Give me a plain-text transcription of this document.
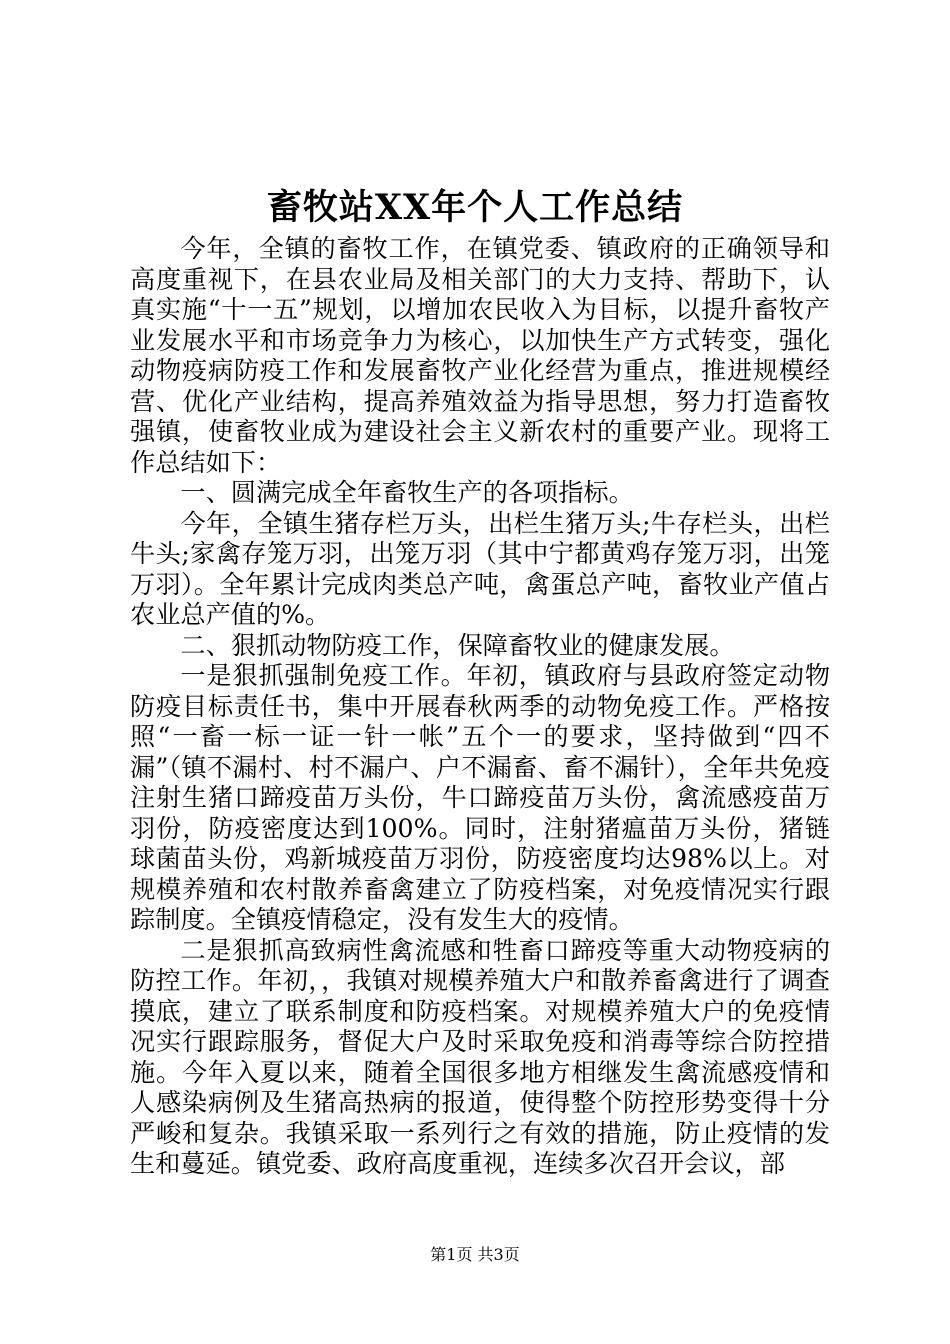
畜牧站XX年个人工作总结

今年，全镇的畜牧工作，在镇党委、镇政府的正确领导和高度重视下，在县农业局及相关部门的大力支持、帮助下，认真实施“十一五”规划，以增加农民收入为目标，以提升畜牧产业发展水平和市场竞争力为核心，以加快生产方式转变，强化动物疫病防疫工作和发展畜牧产业化经营为重点，推进规模经营、优化产业结构，提高养殖效益为指导思想，努力打造畜牧强镇，使畜牧业成为建设社会主义新农村的重要产业。现将工作总结如下：

一、圆满完成全年畜牧生产的各项指标。

今年，全镇生猪存栏万头，出栏生猪万头;牛存栏头，出栏牛头;家禽存笼万羽，出笼万羽（其中宁都黄鸡存笼万羽，出笼万羽）。全年累计完成肉类总产吨，禽蛋总产吨，畜牧业产值占农业总产值的%。

二、狠抓动物防疫工作，保障畜牧业的健康发展。

一是狠抓强制免疫工作。年初，镇政府与县政府签定动物防疫目标责任书，集中开展春秋两季的动物免疫工作。严格按照“一畜一标一证一针一帐”五个一的要求，坚持做到“四不漏”（镇不漏村、村不漏户、户不漏畜、畜不漏针），全年共免疫注射生猪口蹄疫苗万头份，牛口蹄疫苗万头份，禽流感疫苗万羽份，防疫密度达到100%。同时，注射猪瘟苗万头份，猪链球菌苗头份，鸡新城疫苗万羽份，防疫密度均达98%以上。对规模养殖和农村散养畜禽建立了防疫档案，对免疫情况实行跟踪制度。全镇疫情稳定，没有发生大的疫情。

二是狠抓高致病性禽流感和牲畜口蹄疫等重大动物疫病的防控工作。年初，，我镇对规模养殖大户和散养畜禽进行了调查摸底，建立了联系制度和防疫档案。对规模养殖大户的免疫情况实行跟踪服务，督促大户及时采取免疫和消毒等综合防控措施。今年入夏以来，随着全国很多地方相继发生禽流感疫情和人感染病例及生猪高热病的报道，使得整个防控形势变得十分严峻和复杂。我镇采取一系列行之有效的措施，防止疫情的发生和蔓延。镇党委、政府高度重视，连续多次召开会议，部

第1页 共3页
